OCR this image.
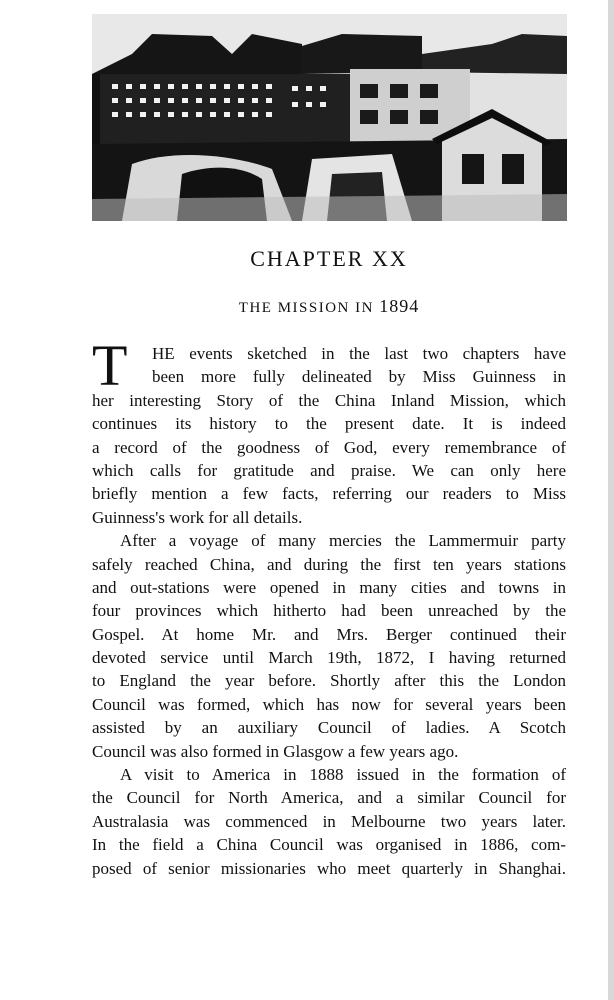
CHAPTER XX
THE MISSION IN 1894
T	HE events sketched in the last two chapters have
been more fully delineated by Miss Guinness in
her interesting Story of the China Inland Mission, which
continues its history to the present date. It is indeed
a record of the goodness of God, every remembrance of
which calls for gratitude and praise. We can only here
briefly mention a few facts, referring our readers to Miss
Guinness's work for all details.
After a voyage of many mercies the Lammermuir party
safely reached China, and during the first ten years stations
and out-stations were opened in many cities and towns in
four provinces which hitherto had been unreached by the
Gospel. At home Mr. and Mrs. Berger continued their
devoted service until March 19th, 1872, I having returned
to England the year before. Shortly after this the London
Council was formed, which has now for several years been
assisted by an auxiliary Council of ladies. A Scotch
Council was also formed in Glasgow a few years ago.
A visit to America in 1888 issued in the formation of
the Council for North America, and a similar Council for
Australasia was commenced in Melbourne two years later.
In the field a China Council was organised in 1886, com-
posed of senior missionaries who meet quarterly in Shanghai.
